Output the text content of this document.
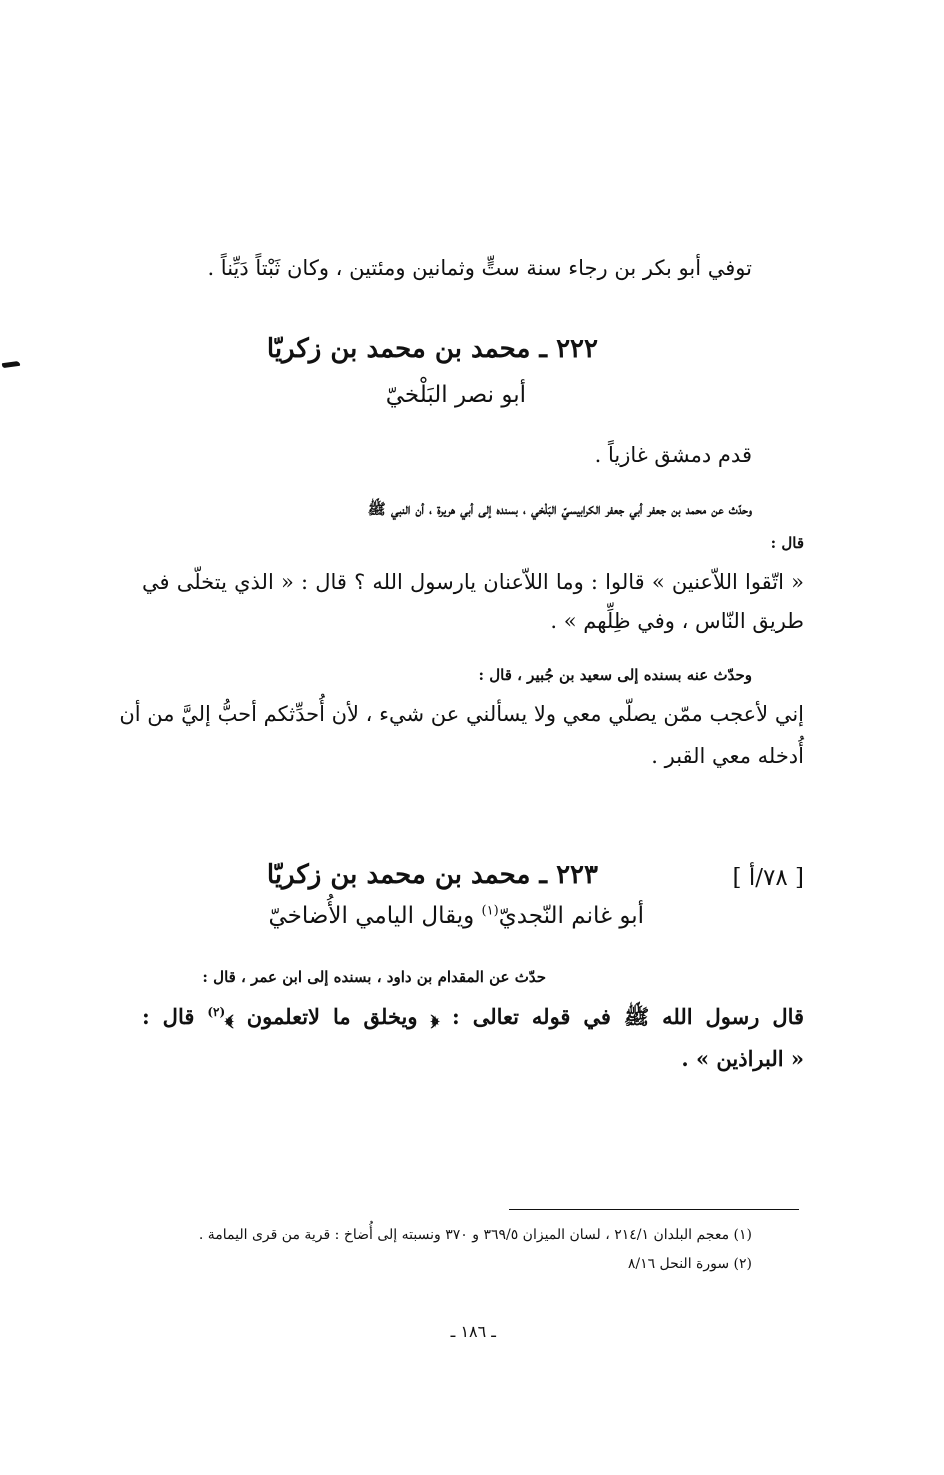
توفي أبو بكر بن رجاء سنة ستٍّ وثمانين ومئتين ، وكان ثَبْتاً دَيِّناً .
٢٢٢ ـ محمد بن محمد بن زكريّا
أبو نصر البَلْخيّ
قدم دمشق غازياً .
وحدّث عن محمد بن جعفر أبي جعفر الكرابيسيّ البَلْخي ، بسنده إلى أبي هريرة ، أن النبي ﷺ
قال :
« اتّقوا اللاّعنين » قالوا : وما اللاّعنان يارسول الله ؟ قال : « الذي يتخلّى في
طريق النّاس ، وفي ظِلِّهم » .
وحدّث عنه بسنده إلى سعيد بن جُبير ، قال :
إني لأعجب ممّن يصلّي معي ولا يسألني عن شيء ، لأن أُحدِّثكم أحبُّ إليَّ من أن
أُدخله معي القبر .
[ ٧٨/أ ]
٢٢٣ ـ محمد بن محمد بن زكريّا
أبو غانم النّجديّ$^{(١)}$ ويقال اليامي الأُضاخيّ
حدّث عن المقدام بن داود ، بسنده إلى ابن عمر ، قال :
قال رسول الله ﷺ في قوله تعالى : ﴿ ويخلق ما لاتعلمون ﴾$^{(٢)}$ قال :
« البراذين » .
(١) معجم البلدان ٢١٤/١ ، لسان الميزان ٣٦٩/٥ و ٣٧٠ ونسبته إلى أُضاخ : قرية من قرى اليمامة .
(٢) سورة النحل ٨/١٦
ـ ١٨٦ ـ
